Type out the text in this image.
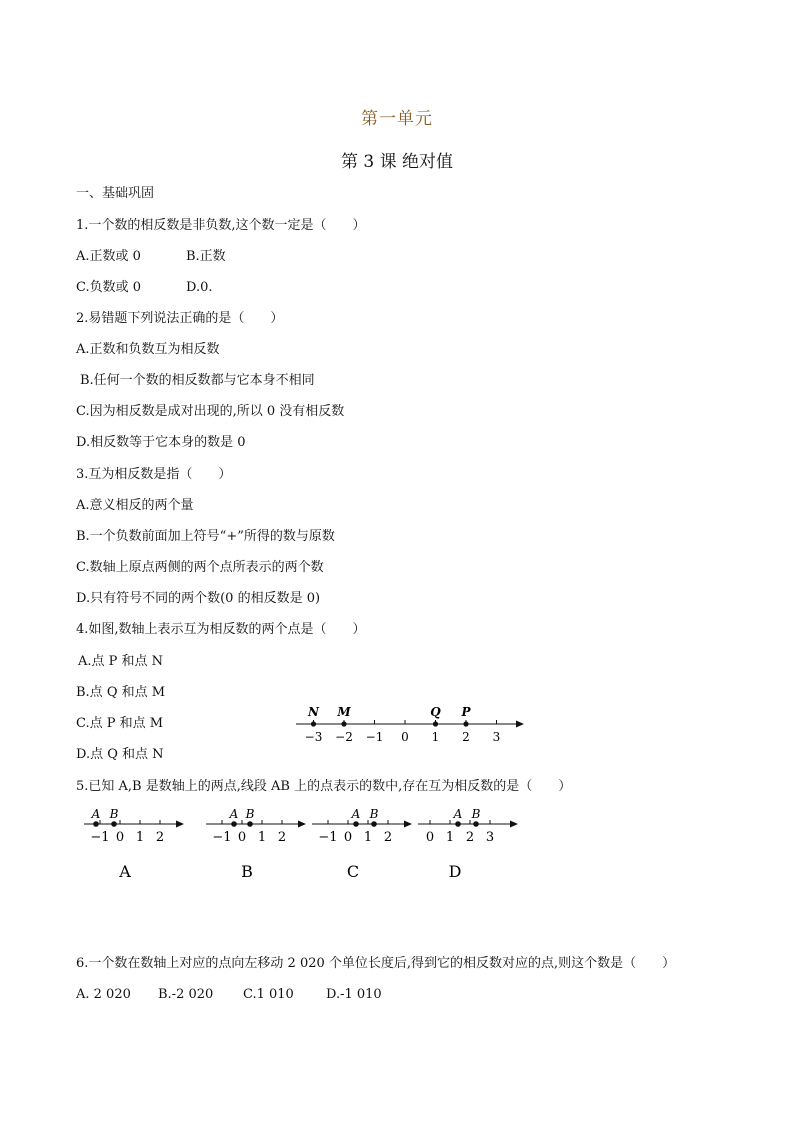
第一单元
第 3 课 绝对值
一、基础巩固
1.一个数的相反数是非负数,这个数一定是（　　）
A.正数或 0	B.正数
C.负数或 0	D.0.
2.易错题下列说法正确的是（　　）
A.正数和负数互为相反数
B.任何一个数的相反数都与它本身不相同
C.因为相反数是成对出现的,所以 0 没有相反数
D.相反数等于它本身的数是 0
3.互为相反数是指（　　）
A.意义相反的两个量
B.一个负数前面加上符号“+”所得的数与原数
C.数轴上原点两侧的两个点所表示的两个数
D.只有符号不同的两个数(0 的相反数是 0)
4.如图,数轴上表示互为相反数的两个点是（　　）
A.点 P 和点 N
B.点 Q 和点 M
C.点 P 和点 M
D.点 Q 和点 N
−3 −2 −1 0 1 2 3
N M	Q P
5.已知 A,B 是数轴上的两点,线段 AB 上的点表示的数中,存在互为相反数的是（　　）
−1 0 1 2
A B
A
−1 0 1 2
A B
B
−1 0 1 2
A B
C
0 1 2 3
A B
D
6.一个数在数轴上对应的点向左移动 2 020 个单位长度后,得到它的相反数对应的点,则这个数是（　　）
A. 2 020 B.-2 020 C.1 010 D.-1 010
